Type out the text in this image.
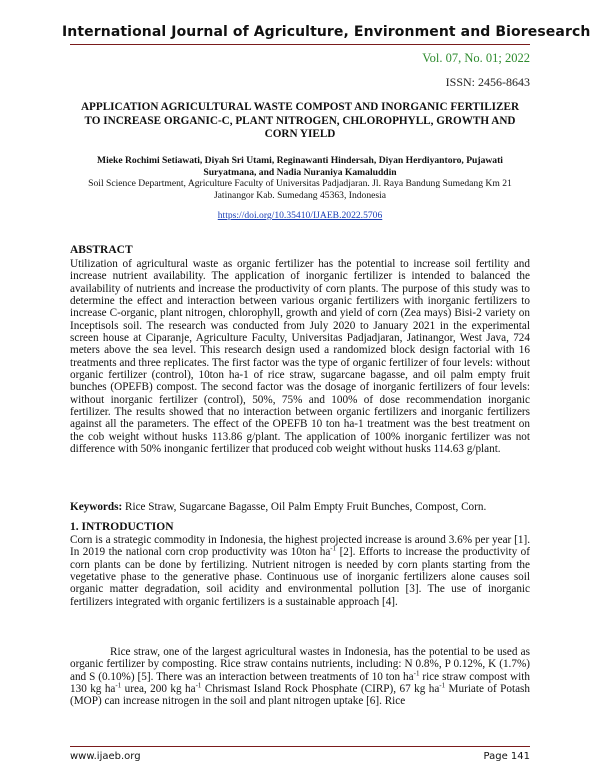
International Journal of Agriculture, Environment and Bioresearch
Vol. 07, No. 01; 2022
ISSN: 2456-8643
APPLICATION AGRICULTURAL WASTE COMPOST AND INORGANIC FERTILIZER TO INCREASE ORGANIC-C, PLANT NITROGEN, CHLOROPHYLL, GROWTH AND CORN YIELD
Mieke Rochimi Setiawati, Diyah Sri Utami, Reginawanti Hindersah, Diyan Herdiyantoro, Pujawati Suryatmana, and Nadia Nuraniya Kamaluddin
Soil Science Department, Agriculture Faculty of Universitas Padjadjaran. Jl. Raya Bandung Sumedang Km 21 Jatinangor Kab. Sumedang 45363, Indonesia
https://doi.org/10.35410/IJAEB.2022.5706
ABSTRACT
Utilization of agricultural waste as organic fertilizer has the potential to increase soil fertility and increase nutrient availability. The application of inorganic fertilizer is intended to balanced the availability of nutrients and increase the productivity of corn plants. The purpose of this study was to determine the effect and interaction between various organic fertilizers with inorganic fertilizers to increase C-organic, plant nitrogen, chlorophyll, growth and yield of corn (Zea mays) Bisi-2 variety on Inceptisols soil. The research was conducted from July 2020 to January 2021 in the experimental screen house at Ciparanje, Agriculture Faculty, Universitas Padjadjaran, Jatinangor, West Java, 724 meters above the sea level. This research design used a randomized block design factorial with 16 treatments and three replicates. The first factor was the type of organic fertilizer of four levels: without organic fertilizer (control), 10ton ha-1 of rice straw, sugarcane bagasse, and oil palm empty fruit bunches (OPEFB) compost. The second factor was the dosage of inorganic fertilizers of four levels: without inorganic fertilizer (control), 50%, 75% and 100% of dose recommendation inorganic fertilizer. The results showed that no interaction between organic fertilizers and inorganic fertilizers against all the parameters. The effect of the OPEFB 10 ton ha-1 treatment was the best treatment on the cob weight without husks 113.86 g/plant. The application of 100% inorganic fertilizer was not difference with 50% inonganic fertilizer that produced cob weight without husks 114.63 g/plant.
Keywords: Rice Straw, Sugarcane Bagasse, Oil Palm Empty Fruit Bunches, Compost, Corn.
1. INTRODUCTION
Corn is a strategic commodity in Indonesia, the highest projected increase is around 3.6% per year [1]. In 2019 the national corn crop productivity was 10ton $ha^{-1}$ [2]. Efforts to increase the productivity of corn plants can be done by fertilizing. Nutrient nitrogen is needed by corn plants starting from the vegetative phase to the generative phase. Continuous use of inorganic fertilizers alone causes soil organic matter degradation, soil acidity and environmental pollution [3]. The use of inorganic fertilizers integrated with organic fertilizers is a sustainable approach [4].
Rice straw, one of the largest agricultural wastes in Indonesia, has the potential to be used as organic fertilizer by composting. Rice straw contains nutrients, including: N 0.8%, P 0.12%, K (1.7%) and S (0.10%) [5]. There was an interaction between treatments of 10 ton $ha^{-1}$ rice straw compost with 130 kg $ha^{-1}$ urea, 200 kg $ha^{-1}$ Chrismast Island Rock Phosphate (CIRP), 67 kg $ha^{-1}$ Muriate of Potash (MOP) can increase nitrogen in the soil and plant nitrogen uptake [6]. Rice
www.ijaeb.org	Page 141
